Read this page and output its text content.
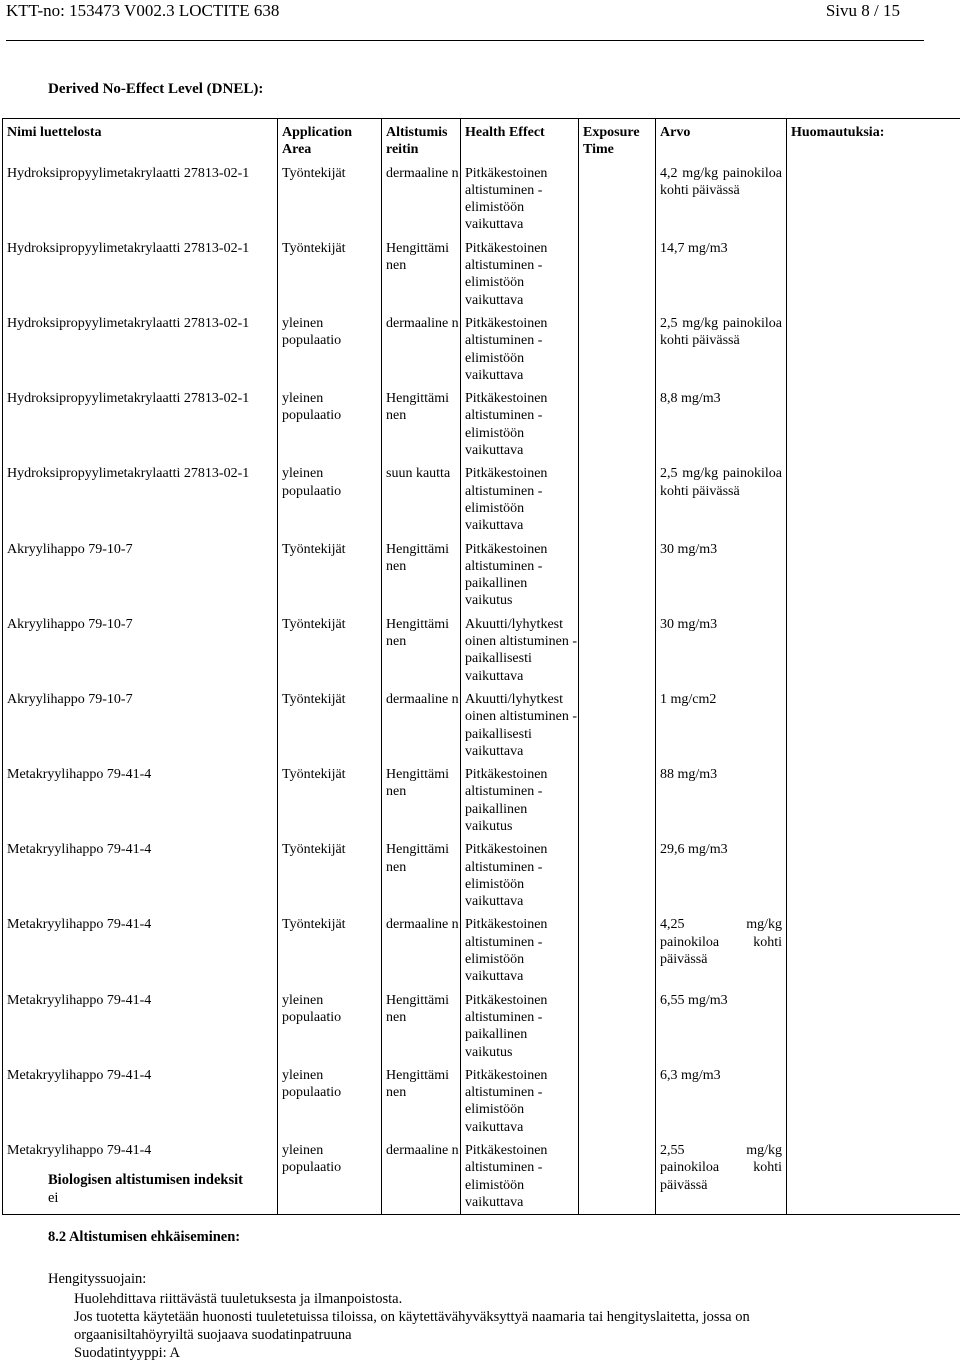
KTT-no: 153473 V002.3 LOCTITE 638	Sivu 8 / 15
Derived No-Effect Level (DNEL):
Nimi luettelosta	Application Area	Altistumis reitin	Health Effect	Exposure Time	Arvo	Huomautuksia:
Hydroksipropyylimetakrylaatti 27813-02-1	Työntekijät	dermaaline n	Pitkäkestoinen altistuminen - elimistöön vaikuttava		4,2 mg/kg painokiloa kohti päivässä	
Hydroksipropyylimetakrylaatti 27813-02-1	Työntekijät	Hengittämi nen	Pitkäkestoinen altistuminen - elimistöön vaikuttava		14,7 mg/m3	
Hydroksipropyylimetakrylaatti 27813-02-1	yleinen populaatio	dermaaline n	Pitkäkestoinen altistuminen - elimistöön vaikuttava		2,5 mg/kg painokiloa kohti päivässä	
Hydroksipropyylimetakrylaatti 27813-02-1	yleinen populaatio	Hengittämi nen	Pitkäkestoinen altistuminen - elimistöön vaikuttava		8,8 mg/m3	
Hydroksipropyylimetakrylaatti 27813-02-1	yleinen populaatio	suun kautta	Pitkäkestoinen altistuminen - elimistöön vaikuttava		2,5 mg/kg painokiloa kohti päivässä	
Akryylihappo 79-10-7	Työntekijät	Hengittämi nen	Pitkäkestoinen altistuminen - paikallinen vaikutus		30 mg/m3	
Akryylihappo 79-10-7	Työntekijät	Hengittämi nen	Akuutti/lyhytkest oinen altistuminen - paikallisesti vaikuttava		30 mg/m3	
Akryylihappo 79-10-7	Työntekijät	dermaaline n	Akuutti/lyhytkest oinen altistuminen - paikallisesti vaikuttava		1 mg/cm2	
Metakryylihappo 79-41-4	Työntekijät	Hengittämi nen	Pitkäkestoinen altistuminen - paikallinen vaikutus		88 mg/m3	
Metakryylihappo 79-41-4	Työntekijät	Hengittämi nen	Pitkäkestoinen altistuminen - elimistöön vaikuttava		29,6 mg/m3	
Metakryylihappo 79-41-4	Työntekijät	dermaaline n	Pitkäkestoinen altistuminen - elimistöön vaikuttava		4,25 mg/kg painokiloa kohti päivässä	
Metakryylihappo 79-41-4	yleinen populaatio	Hengittämi nen	Pitkäkestoinen altistuminen - paikallinen vaikutus		6,55 mg/m3	
Metakryylihappo 79-41-4	yleinen populaatio	Hengittämi nen	Pitkäkestoinen altistuminen - elimistöön vaikuttava		6,3 mg/m3	
Metakryylihappo 79-41-4	yleinen populaatio	dermaaline n	Pitkäkestoinen altistuminen - elimistöön vaikuttava		2,55 mg/kg painokiloa kohti päivässä	
Biologisen altistumisen indeksit
ei
8.2 Altistumisen ehkäiseminen:
Hengityssuojain:
Huolehdittava riittävästä tuuletuksesta ja ilmanpoistosta.
Jos tuotetta käytetään huonosti tuuletetuissa tiloissa, on käytettävähyväksyttyä naamaria tai hengityslaitetta, jossa on
orgaanisiltahöyryiltä suojaava suodatinpatruuna
Suodatintyyppi: A
